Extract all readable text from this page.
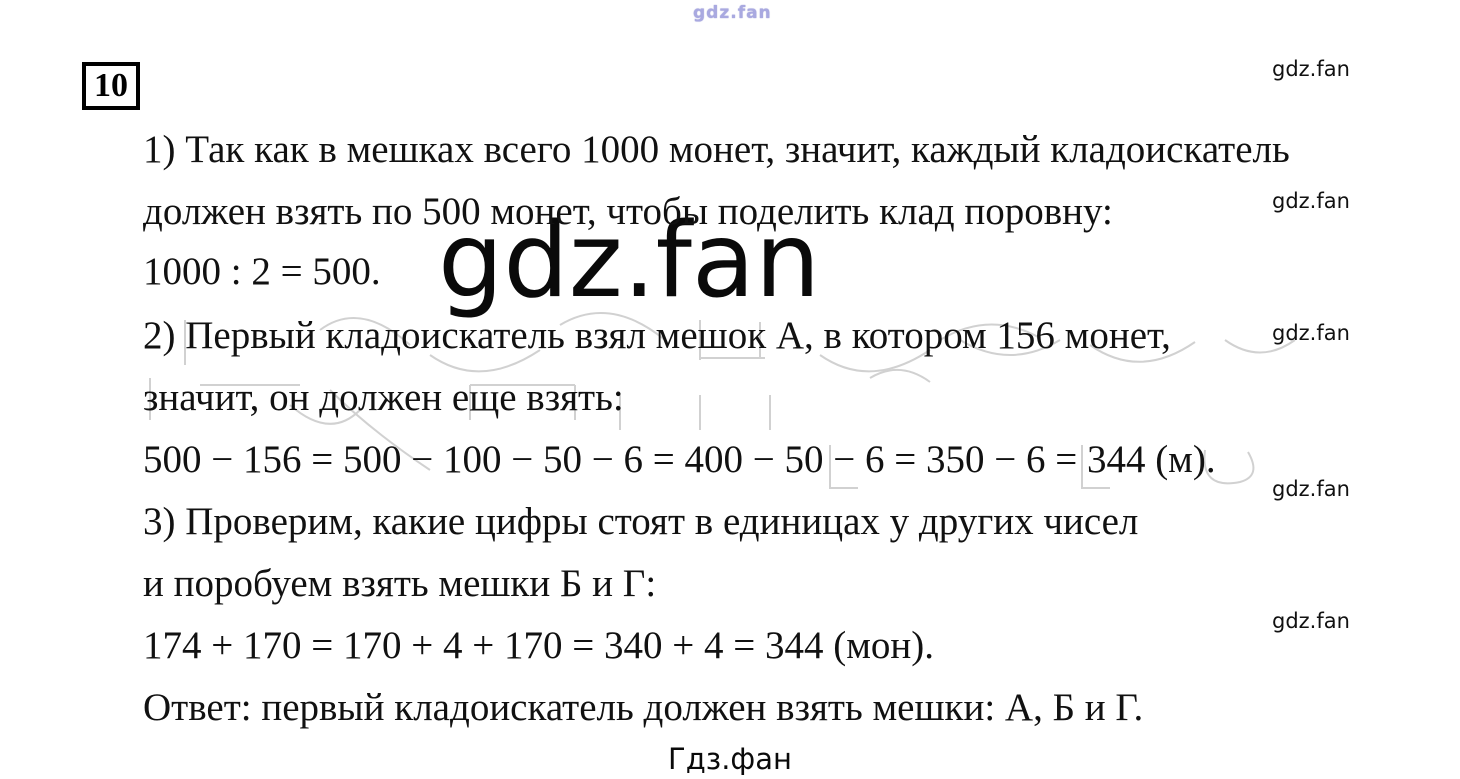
gdz.fan
10	gdz.fan
gdz.fan
gdz.fan
gdz.fan
gdz.fan
gdz.fan
1) Так как в мешках всего 1000 монет, значит, каждый кладоискатель
должен взять по 500 монет, чтобы поделить клад поровну:
1000 : 2 = 500.
2) Первый кладоискатель взял мешок А, в котором 156 монет,
значит, он должен еще взять:
500 − 156 = 500 − 100 − 50 − 6 = 400 − 50 − 6 = 350 − 6 = 344 (м).
3) Проверим, какие цифры стоят в единицах у других чисел
и поробуем взять мешки Б и Г:
174 + 170 = 170 + 4 + 170 = 340 + 4 = 344 (мон).
Ответ: первый кладоискатель должен взять мешки: А, Б и Г.
Гдз.фан
